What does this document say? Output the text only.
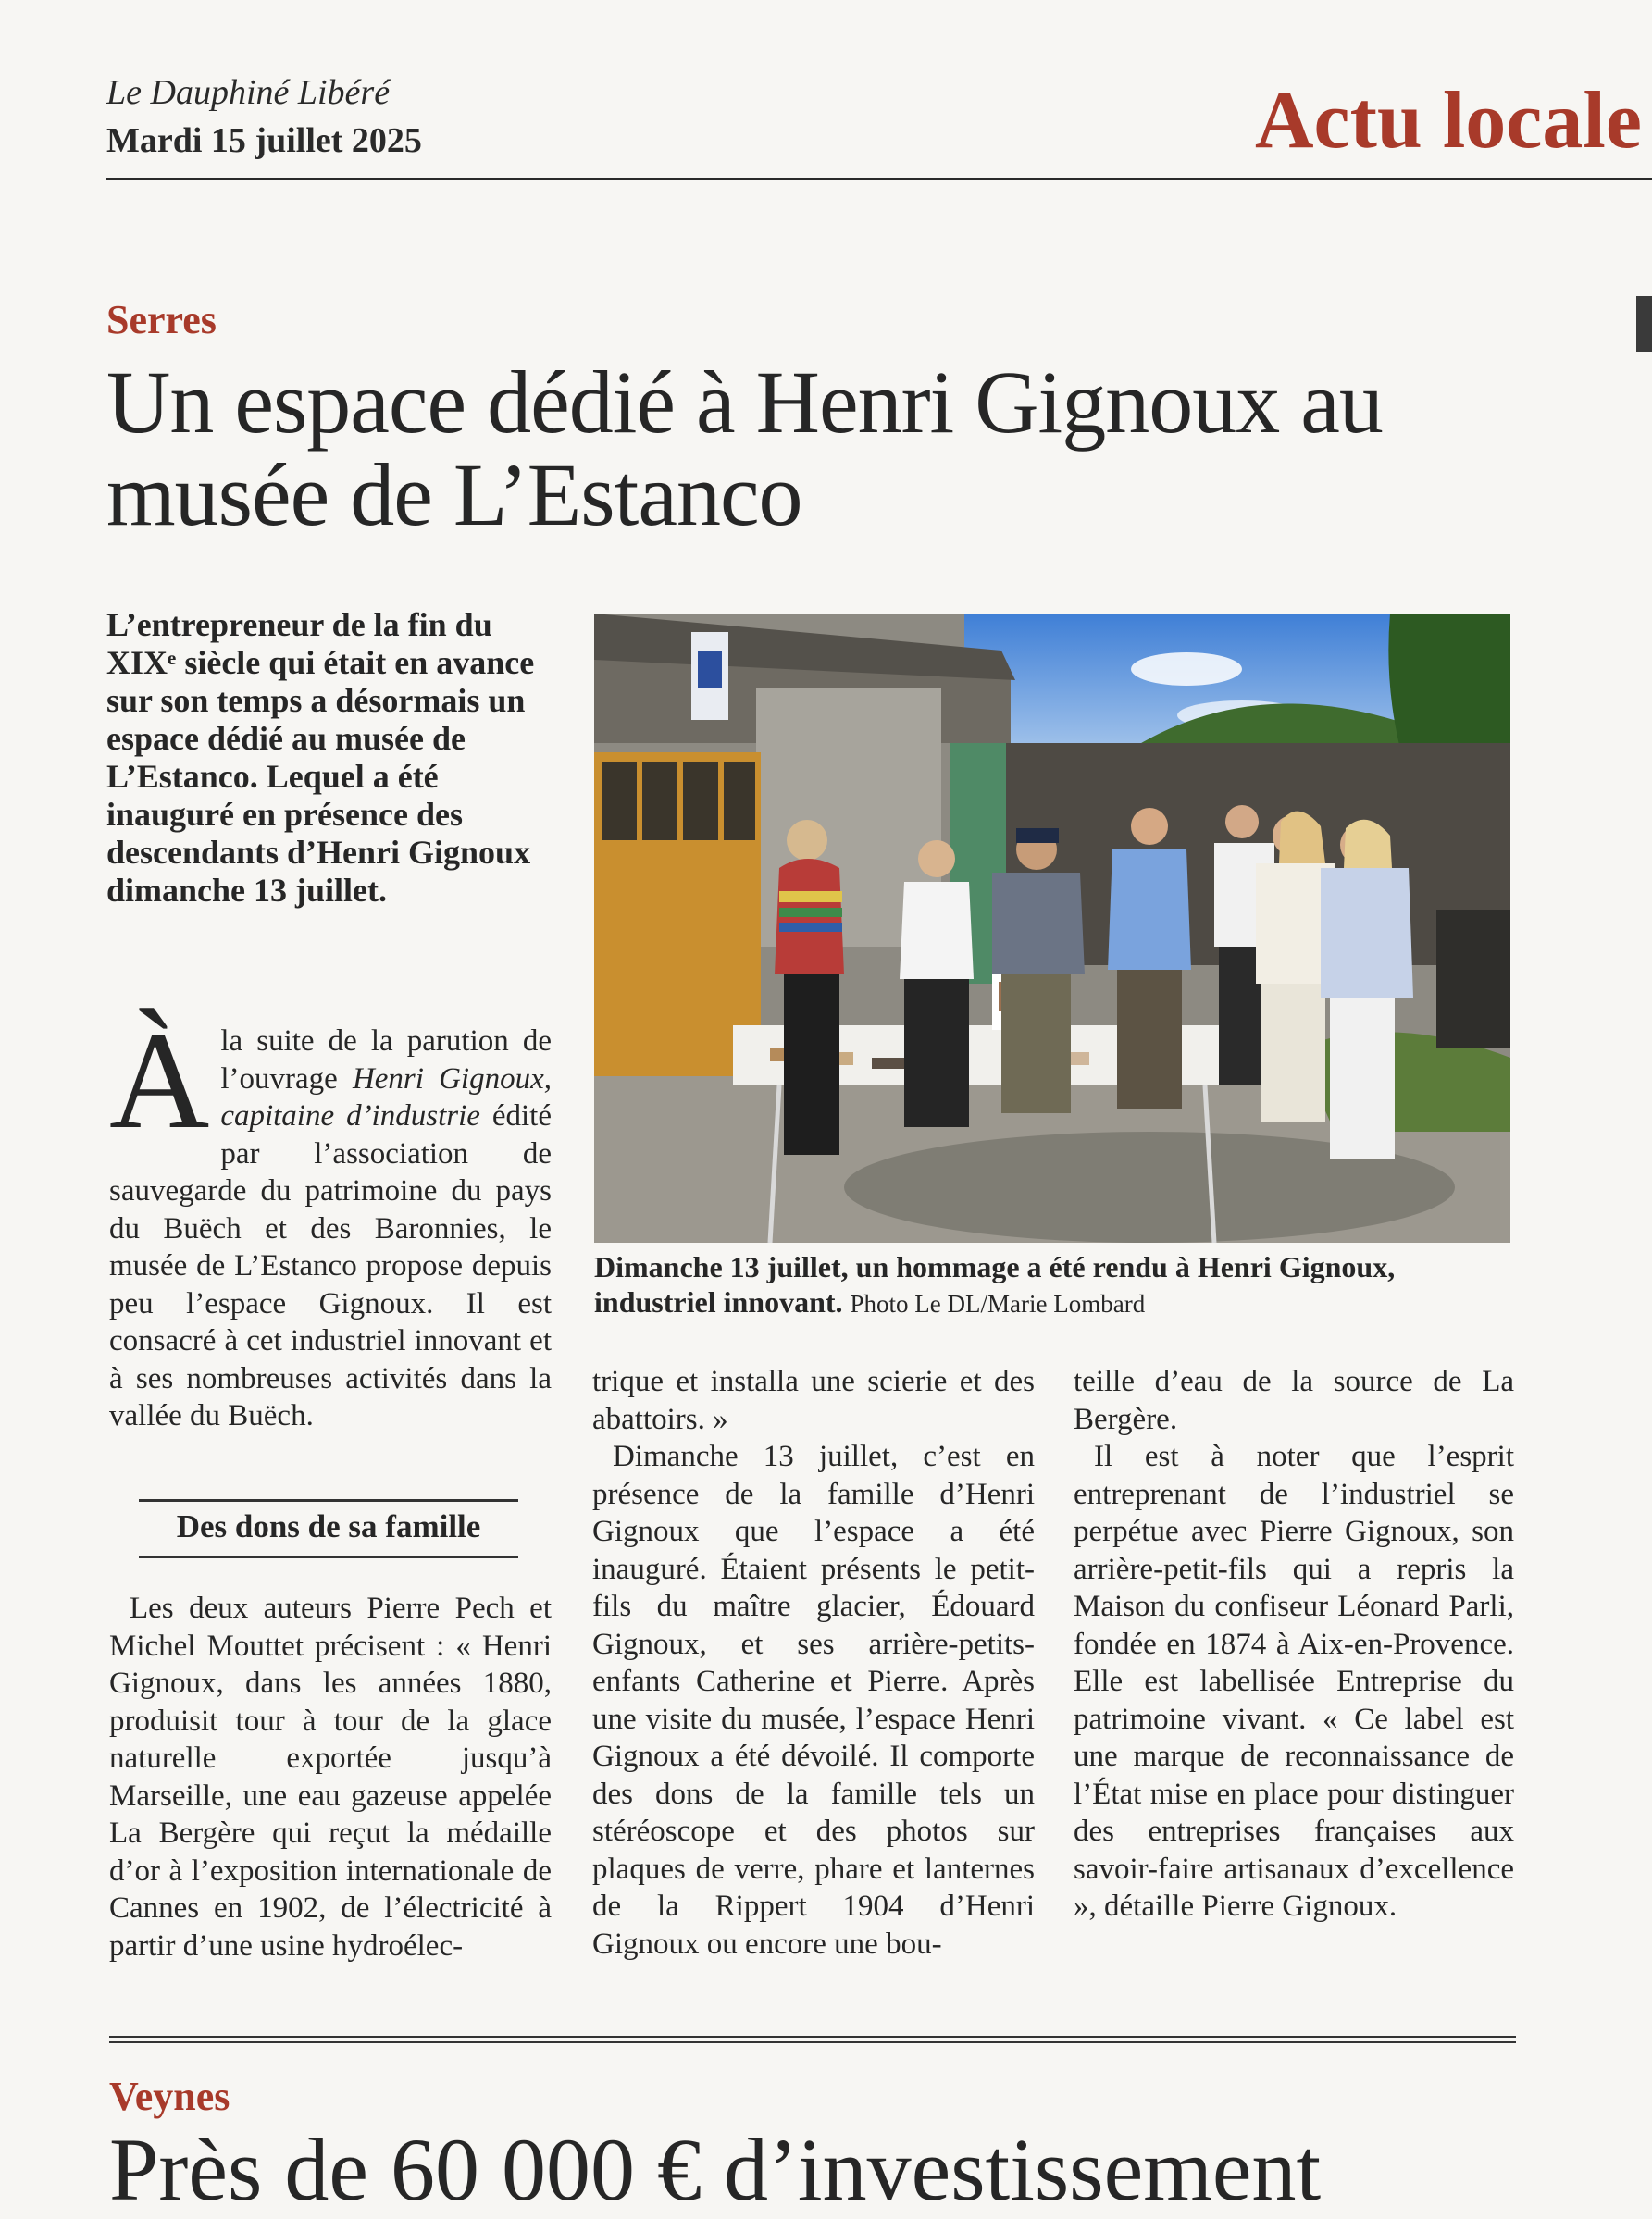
Le Dauphiné Libéré
Mardi 15 juillet 2025	Actu locale
Serres
Un espace dédié à Henri Gignoux au musée de L’Estanco
L’entrepreneur de la fin du XIXᵉ siècle qui était en avance sur son temps a désormais un espace dédié au musée de L’Estanco. Lequel a été inauguré en présence des descendants d’Henri Gignoux dimanche 13 juillet.

À la suite de la parution de l’ouvrage Henri Gignoux, capitaine d’industrie édité par l’association de sauvegarde du patrimoine du pays du Buëch et des Baronnies, le musée de L’Estanco propose depuis peu l’espace Gignoux. Il est consacré à cet industriel innovant et à ses nombreuses activités dans la vallée du Buëch.

Des dons de sa famille

Les deux auteurs Pierre Pech et Michel Mouttet précisent : « Henri Gignoux, dans les années 1880, produisit tour à tour de la glace naturelle exportée jusqu’à Marseille, une eau gazeuse appelée La Bergère qui reçut la médaille d’or à l’exposition internationale de Cannes en 1902, de l’électricité à partir d’une usine hydroélec-

Dimanche 13 juillet, un hommage a été rendu à Henri Gignoux, industriel innovant. Photo Le DL/Marie Lombard

trique et installa une scierie et des abattoirs. »

Dimanche 13 juillet, c’est en présence de la famille d’Henri Gignoux que l’espace a été inauguré. Étaient présents le petit-fils du maître glacier, Édouard Gignoux, et ses arrière-petits-enfants Catherine et Pierre. Après une visite du musée, l’espace Henri Gignoux a été dévoilé. Il comporte des dons de la famille tels un stéréoscope et des photos sur plaques de verre, phare et lanternes de la Rippert 1904 d’Henri Gignoux ou encore une bou-

teille d’eau de la source de La Bergère.

Il est à noter que l’esprit entreprenant de l’industriel se perpétue avec Pierre Gignoux, son arrière-petit-fils qui a repris la Maison du confiseur Léonard Parli, fondée en 1874 à Aix-en-Provence. Elle est labellisée Entreprise du patrimoine vivant. « Ce label est une marque de reconnaissance de l’État mise en place pour distinguer des entreprises françaises aux savoir-faire artisanaux d’excellence », détaille Pierre Gignoux.

Veynes
Près de 60 000 € d’investissement
